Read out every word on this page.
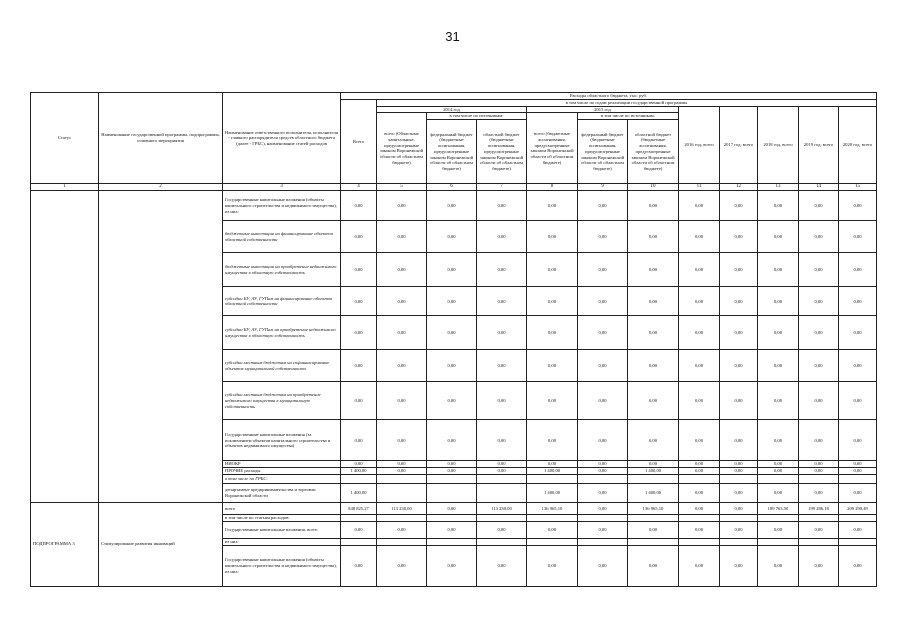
31
Статус	Наименование государственной программы, подпрограммы, основного мероприятия	Наименование ответственного исполнителя, исполнителя - главного распорядителя средств областного бюджета (далее - ГРБС), наименование статей расходов	Расходы областного бюджета, тыс. руб.											
			Всего	в том числе по годам реализации государственной программы										
				2014 год			2015 год			2016 год, всего	2017 год, всего	2018 год, всего	2019 год, всего	2020 год, всего
				всего (Областные капитальные, предусмотренные законом Воронежской области об областном бюджете)	в том числе по источникам:		всего (бюджетные ассигнования, предусмотренные законом Воронежской области об областном бюджете)	в том числе по источникам:						
					федеральный бюджет (бюджетные ассигнования, предусмотренные законом Воронежской области об областном бюджете)	областной бюджет (бюджетные ассигнования, предусмотренные законом Воронежской области об областном бюджете)		федеральный бюджет (бюджетные ассигнования, предусмотренные законом Воронежской области об областном бюджете)	областной бюджет (бюджетные ассигнования, предусмотренные законом Воронежской области об областном бюджете)					
1	2	3	4	5	6	7	8	9	10	11	12	13	14	15
		Государственные капитальные вложения (объекты капитального строительства и недвижимого имущества), из них:	0,00	0,00	0,00	0,00	0,00	0,00	0,00	0,00	0,00	0,00	0,00	0,00
		бюджетные инвестиции на финансирование объектов областной собственности	0,00	0,00	0,00	0,00	0,00	0,00	0,00	0,00	0,00	0,00	0,00	0,00
		бюджетные инвестиции на приобретение недвижимого имущества в областную собственность	0,00	0,00	0,00	0,00	0,00	0,00	0,00	0,00	0,00	0,00	0,00	0,00
		субсидии БУ, АУ, ГУПам на финансирование объектов областной собственности	0,00	0,00	0,00	0,00	0,00	0,00	0,00	0,00	0,00	0,00	0,00	0,00
		субсидии БУ, АУ, ГУПам на приобретение недвижимого имущества в областную собственность	0,00	0,00	0,00	0,00	0,00	0,00	0,00	0,00	0,00	0,00	0,00	0,00
		субсидии местным бюджетам на софинансирование объектов муниципальной собственности	0,00	0,00	0,00	0,00	0,00	0,00	0,00	0,00	0,00	0,00	0,00	0,00
		субсидии местным бюджетам на приобретение недвижимого имущества в муниципальную собственность	0,00	0,00	0,00	0,00	0,00	0,00	0,00	0,00	0,00	0,00	0,00	0,00
		Государственные капитальные вложения (за исключением объектов капитального строительства и объектов недвижимого имущества)	0,00	0,00	0,00	0,00	0,00	0,00	0,00	0,00	0,00	0,00	0,00	0,00
		НИОКР	0,00	0,00	0,00	0,00	0,00	0,00	0,00	0,00	0,00	0,00	0,00	0,00
		ПРОЧИЕ расходы	1 400,00	0,00	0,00	0,00	1 400,00	0,00	1 400,00	0,00	0,00	0,00	0,00	0,00
		в том числе по ГРБС:												
		департамент предпринимательства и торговли Воронежской области	1 400,00				1 400,00	0,00	1 400,00	0,00	0,00	0,00	0,00	0,00
ПОДПРОГРАММА 3	Стимулирование развития инноваций	всего	848 825,27	113 230,00	0,00	113 230,00	136 965,10	0,00	136 965,10	0,00	0,00	189 763,50	199 286,18	209 290,49
		в том числе по статьям расходов:												
		Государственные капитальные вложения, всего	0,00	0,00	0,00	0,00	0,00	0,00	0,00	0,00	0,00	0,00	0,00	0,00
		из них:												
		Государственные капитальные вложения (объекты капитального строительства и недвижимого имущества), из них:	0,00	0,00	0,00	0,00	0,00	0,00	0,00	0,00	0,00	0,00	0,00	0,00
